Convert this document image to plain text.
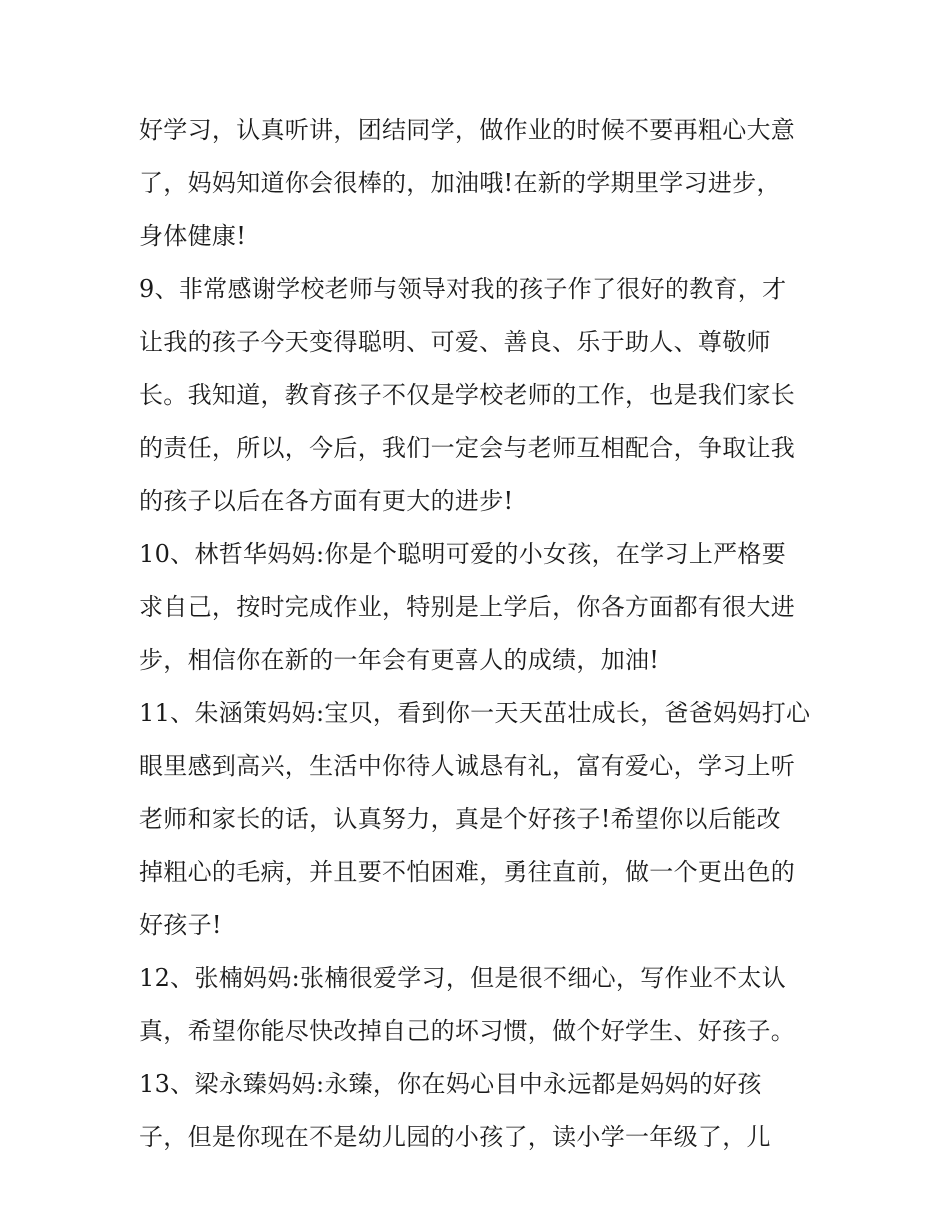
好学习，认真听讲，团结同学，做作业的时候不要再粗心大意
了，妈妈知道你会很棒的，加油哦!在新的学期里学习进步，
身体健康!
9、非常感谢学校老师与领导对我的孩子作了很好的教育，才
让我的孩子今天变得聪明、可爱、善良、乐于助人、尊敬师
长。我知道，教育孩子不仅是学校老师的工作，也是我们家长
的责任，所以，今后，我们一定会与老师互相配合，争取让我
的孩子以后在各方面有更大的进步!
10、林哲华妈妈:你是个聪明可爱的小女孩，在学习上严格要
求自己，按时完成作业，特别是上学后，你各方面都有很大进
步，相信你在新的一年会有更喜人的成绩，加油!
11、朱涵策妈妈:宝贝，看到你一天天茁壮成长，爸爸妈妈打心
眼里感到高兴，生活中你待人诚恳有礼，富有爱心，学习上听
老师和家长的话，认真努力，真是个好孩子!希望你以后能改
掉粗心的毛病，并且要不怕困难，勇往直前，做一个更出色的
好孩子!
12、张楠妈妈:张楠很爱学习，但是很不细心，写作业不太认
真，希望你能尽快改掉自己的坏习惯，做个好学生、好孩子。
13、梁永臻妈妈:永臻，你在妈心目中永远都是妈妈的好孩
子，但是你现在不是幼儿园的小孩了，读小学一年级了，儿
